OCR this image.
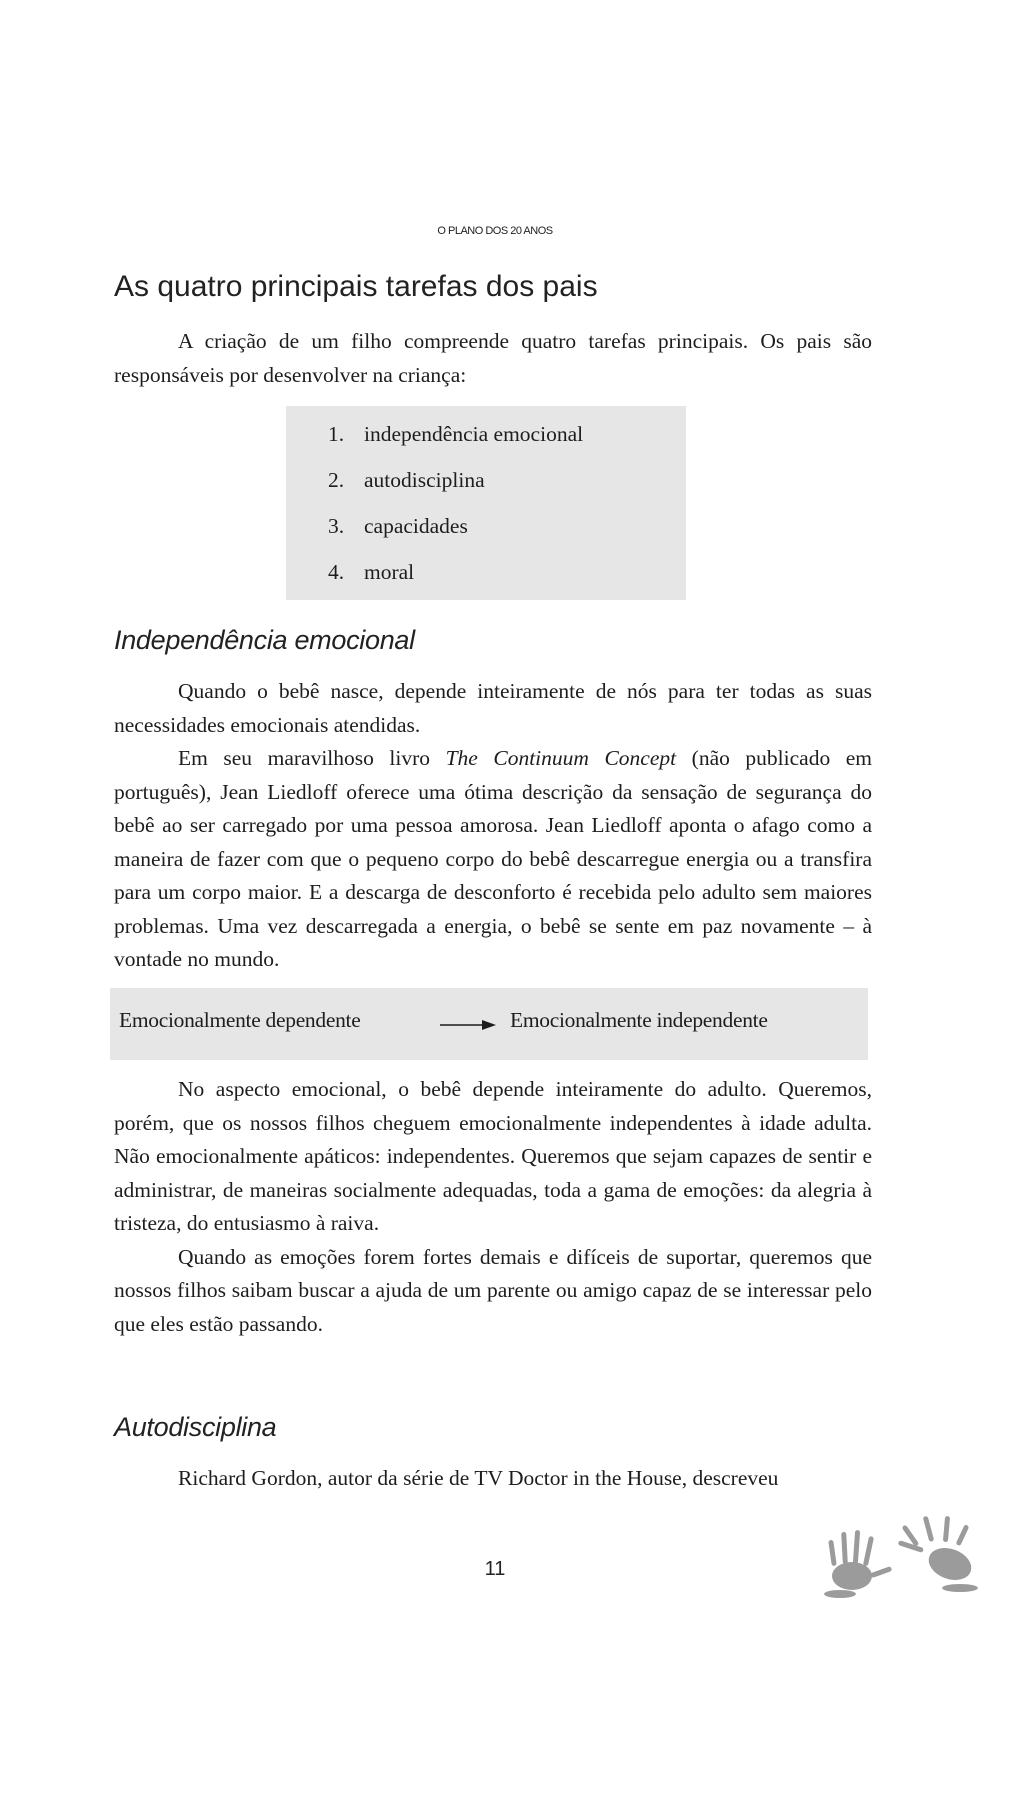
O PLANO DOS 20 ANOS
As quatro principais tarefas dos pais

A criação de um filho compreende quatro tarefas principais. Os pais são responsáveis por desenvolver na criança:

1. independência emocional
2. autodisciplina
3. capacidades
4. moral
Independência emocional

Quando o bebê nasce, depende inteiramente de nós para ter todas as suas necessidades emocionais atendidas.

Em seu maravilhoso livro The Continuum Concept (não publicado em português), Jean Liedloff oferece uma ótima descrição da sensação de segurança do bebê ao ser carregado por uma pessoa amorosa. Jean Liedloff aponta o afago como a maneira de fazer com que o pequeno corpo do bebê descarregue energia ou a transfira para um corpo maior. E a descarga de desconforto é recebida pelo adulto sem maiores problemas. Uma vez descarregada a energia, o bebê se sente em paz novamente – à vontade no mundo.

Emocionalmente dependente	Emocionalmente independente

No aspecto emocional, o bebê depende inteiramente do adulto. Queremos, porém, que os nossos filhos cheguem emocionalmente independentes à idade adulta. Não emocionalmente apáticos: independentes. Queremos que sejam capazes de sentir e administrar, de maneiras socialmente adequadas, toda a gama de emoções: da alegria à tristeza, do entusiasmo à raiva.

Quando as emoções forem fortes demais e difíceis de suportar, queremos que nossos filhos saibam buscar a ajuda de um parente ou amigo capaz de se interessar pelo que eles estão passando.

Autodisciplina

Richard Gordon, autor da série de TV Doctor in the House, descreveu

11
